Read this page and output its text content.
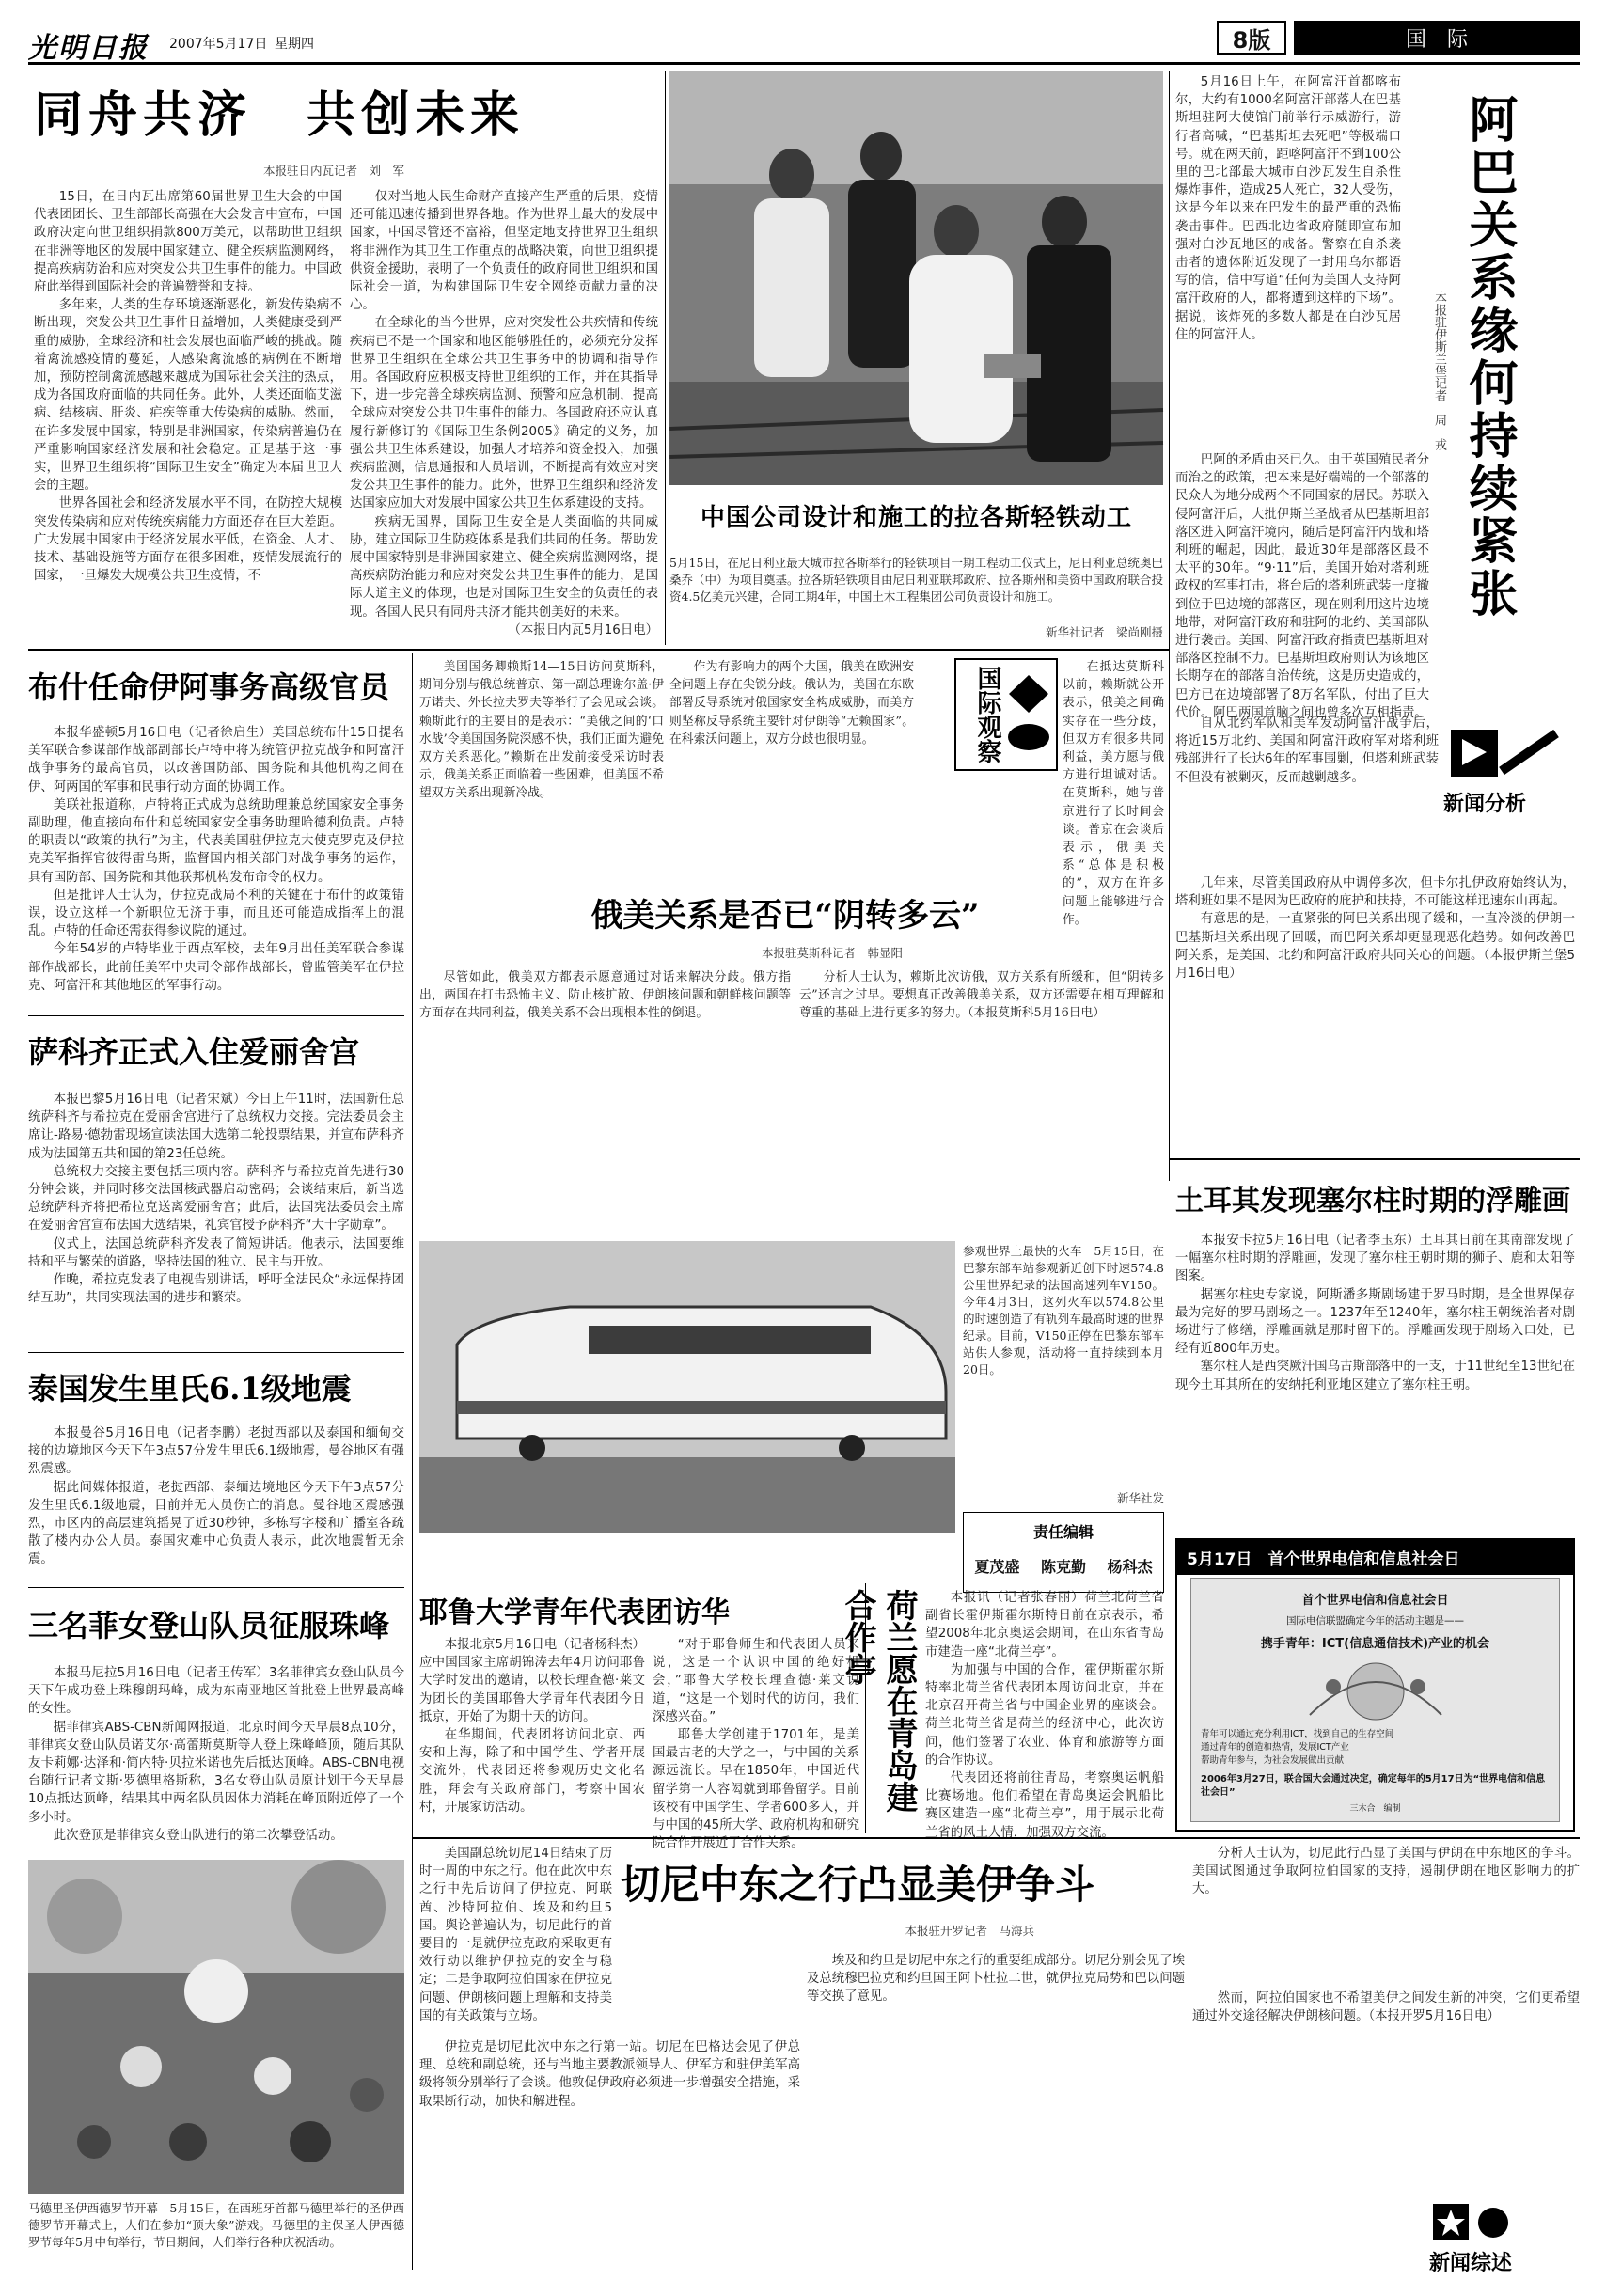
光明日报 2007年5月17日 星期四	8版	国　际
同舟共济　共创未来
本报驻日内瓦记者　刘　军

15日，在日内瓦出席第60届世界卫生大会的中国代表团团长、卫生部部长高强在大会发言中宣布，中国政府决定向世卫组织捐款800万美元，以帮助世卫组织在非洲等地区的发展中国家建立、健全疾病监测网络，提高疾病防治和应对突发公共卫生事件的能力。中国政府此举得到国际社会的普遍赞誉和支持。

多年来，人类的生存环境逐渐恶化，新发传染病不断出现，突发公共卫生事件日益增加，人类健康受到严重的威胁，全球经济和社会发展也面临严峻的挑战。随着禽流感疫情的蔓延，人感染禽流感的病例在不断增加，预防控制禽流感越来越成为国际社会关注的热点，成为各国政府面临的共同任务。此外，人类还面临艾滋病、结核病、肝炎、疟疾等重大传染病的威胁。然而，在许多发展中国家，特别是非洲国家，传染病普遍仍在严重影响国家经济发展和社会稳定。正是基于这一事实，世界卫生组织将“国际卫生安全”确定为本届世卫大会的主题。

世界各国社会和经济发展水平不同，在防控大规模突发传染病和应对传统疾病能力方面还存在巨大差距。广大发展中国家由于经济发展水平低，在资金、人才、技术、基础设施等方面存在很多困难，疫情发展流行的国家，一旦爆发大规模公共卫生疫情，不

仅对当地人民生命财产直接产生严重的后果，疫情还可能迅速传播到世界各地。作为世界上最大的发展中国家，中国尽管还不富裕，但坚定地支持世界卫生组织将非洲作为其卫生工作重点的战略决策，向世卫组织提供资金援助，表明了一个负责任的政府同世卫组织和国际社会一道，为构建国际卫生安全网络贡献力量的决心。

在全球化的当今世界，应对突发性公共疾情和传统疾病已不是一个国家和地区能够胜任的，必须充分发挥世界卫生组织在全球公共卫生事务中的协调和指导作用。各国政府应积极支持世卫组织的工作，并在其指导下，进一步完善全球疾病监测、预警和应急机制，提高全球应对突发公共卫生事件的能力。各国政府还应认真履行新修订的《国际卫生条例2005》确定的义务，加强公共卫生体系建设，加强人才培养和资金投入，加强疾病监测，信息通报和人员培训，不断提高有效应对突发公共卫生事件的能力。此外，世界卫生组织和经济发达国家应加大对发展中国家公共卫生体系建设的支持。

疾病无国界，国际卫生安全是人类面临的共同威胁，建立国际卫生防疫体系是我们共同的任务。帮助发展中国家特别是非洲国家建立、健全疾病监测网络，提高疾病防治能力和应对突发公共卫生事件的能力，是国际人道主义的体现，也是对国际卫生安全的负责任的表现。各国人民只有同舟共济才能共创美好的未来。

（本报日内瓦5月16日电）

中国公司设计和施工的拉各斯轻铁动工
5月15日，在尼日利亚最大城市拉各斯举行的轻铁项目一期工程动工仪式上，尼日利亚总统奥巴桑乔（中）为项目奠基。拉各斯轻铁项目由尼日利亚联邦政府、拉各斯州和美资中国政府联合投资4.5亿美元兴建，合同工期4年，中国土木工程集团公司负责设计和施工。
新华社记者　梁尚刚摄

5月16日上午，在阿富汗首都喀布尔，大约有1000名阿富汗部落人在巴基斯坦驻阿大使馆门前举行示威游行，游行者高喊，“巴基斯坦去死吧”等极端口号。就在两天前，距喀阿富汗不到100公里的巴北部最大城市白沙瓦发生自杀性爆炸事件，造成25人死亡，32人受伤，这是今年以来在巴发生的最严重的恐怖袭击事件。巴西北边省政府随即宣布加强对白沙瓦地区的戒备。警察在自杀袭击者的遗体附近发现了一封用乌尔都语写的信，信中写道“任何为美国人支持阿富汗政府的人，都将遭到这样的下场”。据说，该炸死的多数人都是在白沙瓦居住的阿富汗人。	阿巴关系缘何持续紧张
本报驻伊斯兰堡记者　周　戎

巴阿的矛盾由来已久。由于英国殖民者分而治之的政策，把本来是好端端的一个部落的民众人为地分成两个不同国家的居民。苏联入侵阿富汗后，大批伊斯兰圣战者从巴基斯坦部落区进入阿富汗境内，随后是阿富汗内战和塔利班的崛起，因此，最近30年是部落区最不太平的30年。“9·11”后，美国开始对塔利班政权的军事打击，将台后的塔利班武装一度撤到位于巴边境的部落区，现在则利用这片边境地带，对阿富汗政府和驻阿的北约、美国部队进行袭击。美国、阿富汗政府指责巴基斯坦对部落区控制不力。巴基斯坦政府则认为该地区长期存在的部落自治传统，这是历史造成的，巴方已在边境部署了8万名军队，付出了巨大代价。阿巴两国首脑之间也曾多次互相指责。

新闻分析

自从北约军队和美军发动阿富汗战争后，将近15万北约、美国和阿富汗政府军对塔利班残部进行了长达6年的军事围剿，但塔利班武装不但没有被剿灭，反而越剿越多。

几年来，尽管美国政府从中调停多次，但卡尔扎伊政府始终认为，塔利班如果不是因为巴政府的庇护和扶持，不可能这样迅速东山再起。

有意思的是，一直紧张的阿巴关系出现了缓和，一直冷淡的伊朗一巴基斯坦关系出现了回暖，而巴阿关系却更显现恶化趋势。如何改善巴阿关系，是美国、北约和阿富汗政府共同关心的问题。（本报伊斯兰堡5月16日电）

布什任命伊阿事务高级官员

本报华盛顿5月16日电（记者徐启生）美国总统布什15日提名美军联合参谋部作战部副部长卢特中将为统管伊拉克战争和阿富汗战争事务的最高官员，以改善国防部、国务院和其他机构之间在伊、阿两国的军事和民事行动方面的协调工作。

美联社报道称，卢特将正式成为总统助理兼总统国家安全事务副助理，他直接向布什和总统国家安全事务助理哈德利负责。卢特的职责以“政策的执行”为主，代表美国驻伊拉克大使克罗克及伊拉克美军指挥官彼得雷乌斯，监督国内相关部门对战争事务的运作，具有国防部、国务院和其他联邦机构发布命令的权力。

但是批评人士认为，伊拉克战局不利的关键在于布什的政策错误，设立这样一个新职位无济于事，而且还可能造成指挥上的混乱。卢特的任命还需获得参议院的通过。

今年54岁的卢特毕业于西点军校，去年9月出任美军联合参谋部作战部长，此前任美军中央司令部作战部长，曾监管美军在伊拉克、阿富汗和其他地区的军事行动。

萨科齐正式入住爱丽舍宫

本报巴黎5月16日电（记者宋斌）今日上午11时，法国新任总统萨科齐与希拉克在爱丽舍宫进行了总统权力交接。完法委员会主席让-路易·德勃雷现场宣读法国大选第二轮投票结果，并宣布萨科齐成为法国第五共和国的第23任总统。

总统权力交接主要包括三项内容。萨科齐与希拉克首先进行30分钟会谈，并同时移交法国核武器启动密码；会谈结束后，新当选总统萨科齐将把希拉克送离爱丽舍宫；此后，法国宪法委员会主席在爱丽舍宫宣布法国大选结果，礼宾官授予萨科齐“大十字勋章”。

仪式上，法国总统萨科齐发表了简短讲话。他表示，法国要维持和平与繁荣的道路，坚持法国的独立、民主与开放。

作晚，希拉克发表了电视告别讲话，呼吁全法民众“永远保持团结互助”，共同实现法国的进步和繁荣。

泰国发生里氏6.1级地震

本报曼谷5月16日电（记者李鹏）老挝西部以及泰国和缅甸交接的边境地区今天下午3点57分发生里氏6.1级地震，曼谷地区有强烈震感。

据此间媒体报道，老挝西部、泰缅边境地区今天下午3点57分发生里氏6.1级地震，目前并无人员伤亡的消息。曼谷地区震感强烈，市区内的高层建筑摇晃了近30秒钟，多栋写字楼和广播室各疏散了楼内办公人员。泰国灾难中心负责人表示，此次地震暂无余震。

三名菲女登山队员征服珠峰

本报马尼拉5月16日电（记者王传军）3名菲律宾女登山队员今天下午成功登上珠穆朗玛峰，成为东南亚地区首批登上世界最高峰的女性。

据菲律宾ABS-CBN新闻网报道，北京时间今天早晨8点10分，菲律宾女登山队员诺艾尔·高蕾斯莫斯等人登上珠峰峰顶，随后其队友卡莉娜·达泽和·简内特·贝拉米诺也先后抵达顶峰。ABS-CBN电视台随行记者文斯·罗德里格斯称，3名女登山队员原计划于今天早晨10点抵达顶峰，结果其中两名队员因体力消耗在峰顶附近停了一个多小时。

此次登顶是菲律宾女登山队进行的第二次攀登活动。

马德里圣伊西德罗节开幕　5月15日，在西班牙首都马德里举行的圣伊西德罗节开幕式上，人们在参加“顶大象”游戏。马德里的主保圣人伊西德罗节每年5月中旬举行，节日期间，人们举行各种庆祝活动。

美国国务卿赖斯14—15日访问莫斯科，期间分别与俄总统普京、第一副总理谢尔盖·伊万诺夫、外长拉夫罗夫等举行了会见或会谈。赖斯此行的主要目的是表示：“美俄之间的‘口水战’令美国国务院深感不快，我们正面为避免双方关系恶化。”赖斯在出发前接受采访时表示，俄美关系正面临着一些困难，但美国不希望双方关系出现新冷战。

作为有影响力的两个大国，俄美在欧洲安全问题上存在尖锐分歧。俄认为，美国在东欧部署反导系统对俄国家安全构成威胁，而美方则坚称反导系统主要针对伊朗等“无赖国家”。在科索沃问题上，双方分歧也很明显。	国际观察	在抵达莫斯科以前，赖斯就公开表示，俄美之间确实存在一些分歧，但双方有很多共同利益，美方愿与俄方进行坦诚对话。在莫斯科，她与普京进行了长时间会谈。普京在会谈后表示，俄美关系“总体是积极的”，双方在许多问题上能够进行合作。

俄美关系是否已“阴转多云”
本报驻莫斯科记者　韩显阳

尽管如此，俄美双方都表示愿意通过对话来解决分歧。俄方指出，两国在打击恐怖主义、防止核扩散、伊朗核问题和朝鲜核问题等方面存在共同利益，俄美关系不会出现根本性的倒退。

分析人士认为，赖斯此次访俄，双方关系有所缓和，但“阴转多云”还言之过早。要想真正改善俄美关系，双方还需要在相互理解和尊重的基础上进行更多的努力。（本报莫斯科5月16日电）

参观世界上最快的火车　5月15日，在巴黎东部车站参观新近创下时速574.8公里世界纪录的法国高速列车V150。今年4月3日，这列火车以574.8公里的时速创造了有轨列车最高时速的世界纪录。目前，V150正停在巴黎东部车站供人参观，活动将一直持续到本月20日。
新华社发
责任编辑
夏茂盛 陈克勤 杨科杰
耶鲁大学青年代表团访华

本报北京5月16日电（记者杨科杰）应中国国家主席胡锦涛去年4月访问耶鲁大学时发出的邀请，以校长理查德·莱文为团长的美国耶鲁大学青年代表团今日抵京，开始了为期十天的访问。

在华期间，代表团将访问北京、西安和上海，除了和中国学生、学者开展交流外，代表团还将参观历史文化名胜，拜会有关政府部门，考察中国农村，开展家访活动。

“对于耶鲁师生和代表团人员来说，这是一个认识中国的绝好机会，”耶鲁大学校长理查德·莱文说道，“这是一个划时代的访问，我们深感兴奋。”

耶鲁大学创建于1701年，是美国最古老的大学之一，与中国的关系源远流长。早在1850年，中国近代留学第一人容闳就到耶鲁留学。目前该校有中国学生、学者600多人，并与中国的45所大学、政府机构和研究院合作开展近了合作关系。

荷兰愿在青岛建合作亭	本报讯（记者张春丽）荷兰北荷兰省副省长霍伊斯霍尔斯特日前在京表示，希望2008年北京奥运会期间，在山东省青岛市建造一座“北荷兰亭”。

为加强与中国的合作，霍伊斯霍尔斯特率北荷兰省代表团本周访问北京，并在北京召开荷兰省与中国企业界的座谈会。荷兰北荷兰省是荷兰的经济中心，此次访问，他们签署了农业、体育和旅游等方面的合作协议。

代表团还将前往青岛，考察奥运帆船比赛场地。他们希望在青岛奥运会帆船比赛区建造一座“北荷兰亭”，用于展示北荷兰省的风土人情，加强双方交流。

土耳其发现塞尔柱时期的浮雕画

本报安卡拉5月16日电（记者李玉东）土耳其日前在其南部发现了一幅塞尔柱时期的浮雕画，发现了塞尔柱王朝时期的狮子、鹿和太阳等图案。

据塞尔柱史专家说，阿斯潘多斯剧场建于罗马时期，是全世界保存最为完好的罗马剧场之一。1237年至1240年，塞尔柱王朝统治者对剧场进行了修缮，浮雕画就是那时留下的。浮雕画发现于剧场入口处，已经有近800年历史。

塞尔柱人是西突厥汗国乌古斯部落中的一支，于11世纪至13世纪在现今土耳其所在的安纳托利亚地区建立了塞尔柱王朝。

5月17日　首个世界电信和信息社会日
首个世界电信和信息社会日
国际电信联盟确定今年的活动主题是——
携手青年：ICT(信息通信技术)产业的机会
青年可以通过充分利用ICT，找到自己的生存空间
通过青年的创造和热情，发展ICT产业
帮助青年参与，为社会发展做出贡献
2006年3月27日，联合国大会通过决定，确定每年的5月17日为“世界电信和信息社会日”
三木合　编制

美国副总统切尼14日结束了历时一周的中东之行。他在此次中东之行中先后访问了伊拉克、阿联酋、沙特阿拉伯、埃及和约旦5国。舆论普遍认为，切尼此行的首要目的一是就伊拉克政府采取更有效行动以维护伊拉克的安全与稳定；二是争取阿拉伯国家在伊拉克问题、伊朗核问题上理解和支持美国的有关政策与立场。

切尼中东之行凸显美伊争斗
本报驻开罗记者　马海兵

分析人士认为，切尼此行凸显了美国与伊朗在中东地区的争斗。美国试图通过争取阿拉伯国家的支持，遏制伊朗在地区影响力的扩大。

伊拉克是切尼此次中东之行第一站。切尼在巴格达会见了伊总理、总统和副总统，还与当地主要教派领导人、伊军方和驻伊美军高级将领分别举行了会谈。他敦促伊政府必须进一步增强安全措施，采取果断行动，加快和解进程。

埃及和约旦是切尼中东之行的重要组成部分。切尼分别会见了埃及总统穆巴拉克和约旦国王阿卜杜拉二世，就伊拉克局势和巴以问题等交换了意见。	然而，阿拉伯国家也不希望美伊之间发生新的冲突，它们更希望通过外交途径解决伊朗核问题。（本报开罗5月16日电）

新闻综述
